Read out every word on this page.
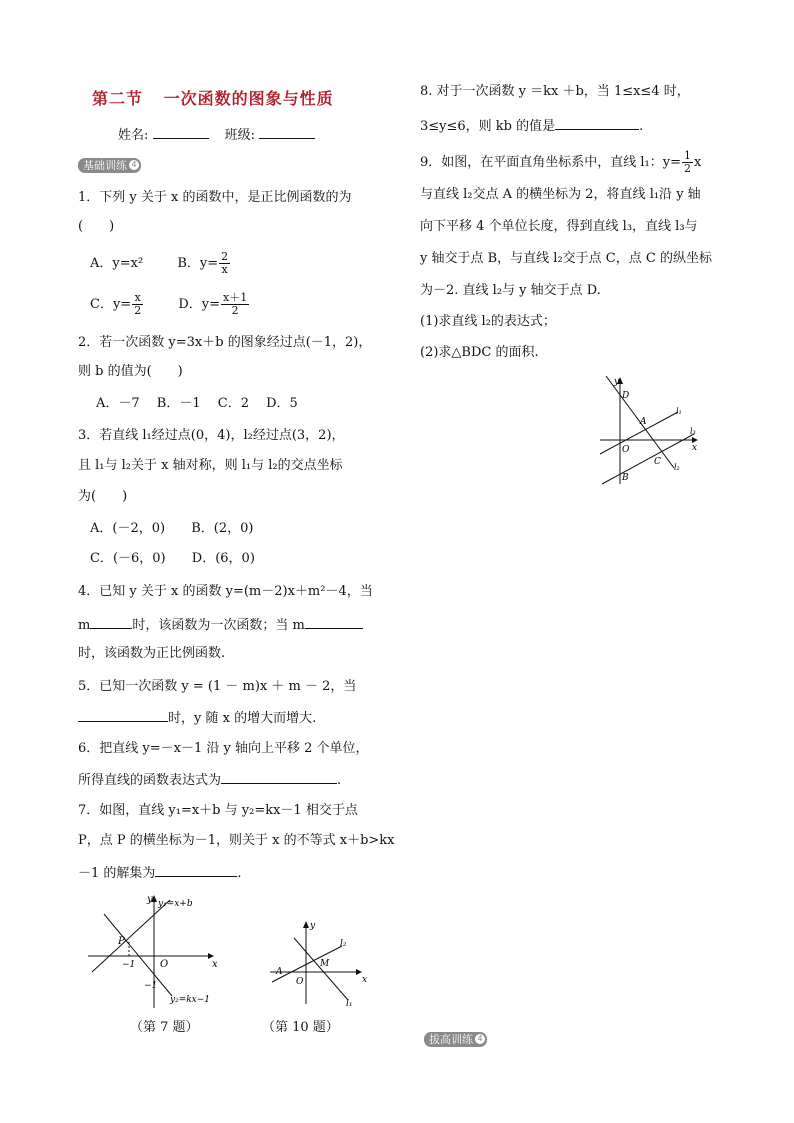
第二节 一次函数的图象与性质
姓名:	班级:
基础训练 4
1．下列 y 关于 x 的函数中，是正比例函数的为
(　　)
A．y=x²	B．$y= \frac{2}{x}$
C．$y= \frac{x}{2}$	D．$y= \frac{x+1}{2}$
2．若一次函数 y=3x＋b 的图象经过点(－1，2)，
则 b 的值为(　　)
A．－7　 B．－1　 C．2　 D．5
3．若直线 l₁经过点(0，4)，l₂经过点(3，2)，
且 l₁与 l₂关于 x 轴对称，则 l₁与 l₂的交点坐标
为(　　)
A．(－2，0) B．(2，0)
C．(－6，0) D．(6，0)
4．已知 y 关于 x 的函数 y=(m－2)x＋m²－4，当
m	时，该函数为一次函数；当 m
时，该函数为正比例函数.
5．已知一次函数 y = (1 － m)x ＋ m － 2，当
时，y 随 x 的增大而增大.
6．把直线 y=－x－1 沿 y 轴向上平移 2 个单位，
所得直线的函数表达式为	.
7．如图，直线 y₁=x＋b 与 y₂=kx－1 相交于点
P，点 P 的横坐标为－1，则关于 x 的不等式 x＋b>kx
－1 的解集为	.
y₁=x+b
y₂=kx−1
P
O	x
y
−1
−1
（第 7 题）
l₂
l₁
A
M
O	x
y
（第 10 题）
8. 对于一次函数 y ＝kx ＋b，当 1≤x≤4 时，
3≤y≤6，则 kb 的值是	.
9．如图，在平面直角坐标系中，直线 l₁：$y= \frac{1}{2}$ x
与直线 l₂交点 A 的横坐标为 2，将直线 l₁沿 y 轴
向下平移 4 个单位长度，得到直线 l₃，直线 l₃与
y 轴交于点 B，与直线 l₂交于点 C，点 C 的纵坐标
为－2. 直线 l₂与 y 轴交于点 D.
(1)求直线 l₂的表达式；
(2)求△BDC 的面积.
D
A
O
C
B
x
y
l₁
l₂
l₃
拔高训练 4
